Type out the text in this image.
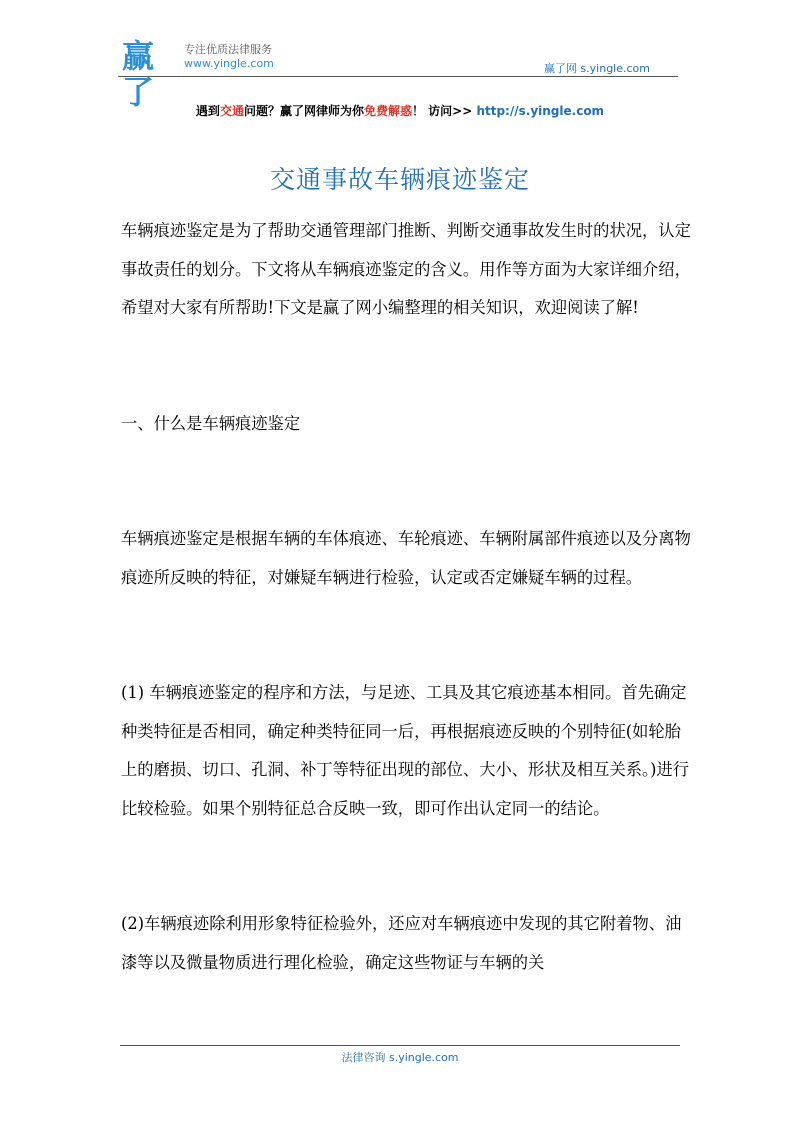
赢了
专注优质法律服务
www.yingle.com	赢了网 s.yingle.com
遇到交通问题？赢了网律师为你免费解惑！ 访问>> http://s.yingle.com
交通事故车辆痕迹鉴定

车辆痕迹鉴定是为了帮助交通管理部门推断、判断交通事故发生时的状况，认定事故责任的划分。下文将从车辆痕迹鉴定的含义。用作等方面为大家详细介绍，希望对大家有所帮助!下文是赢了网小编整理的相关知识，欢迎阅读了解!

一、什么是车辆痕迹鉴定

车辆痕迹鉴定是根据车辆的车体痕迹、车轮痕迹、车辆附属部件痕迹以及分离物痕迹所反映的特征，对嫌疑车辆进行检验，认定或否定嫌疑车辆的过程。

(1) 车辆痕迹鉴定的程序和方法，与足迹、工具及其它痕迹基本相同。首先确定种类特征是否相同，确定种类特征同一后，再根据痕迹反映的个别特征(如轮胎上的磨损、切口、孔洞、补丁等特征出现的部位、大小、形状及相互关系。)进行比较检验。如果个别特征总合反映一致，即可作出认定同一的结论。

(2)车辆痕迹除利用形象特征检验外，还应对车辆痕迹中发现的其它附着物、油漆等以及微量物质进行理化检验，确定这些物证与车辆的关

法律咨询 s.yingle.com
